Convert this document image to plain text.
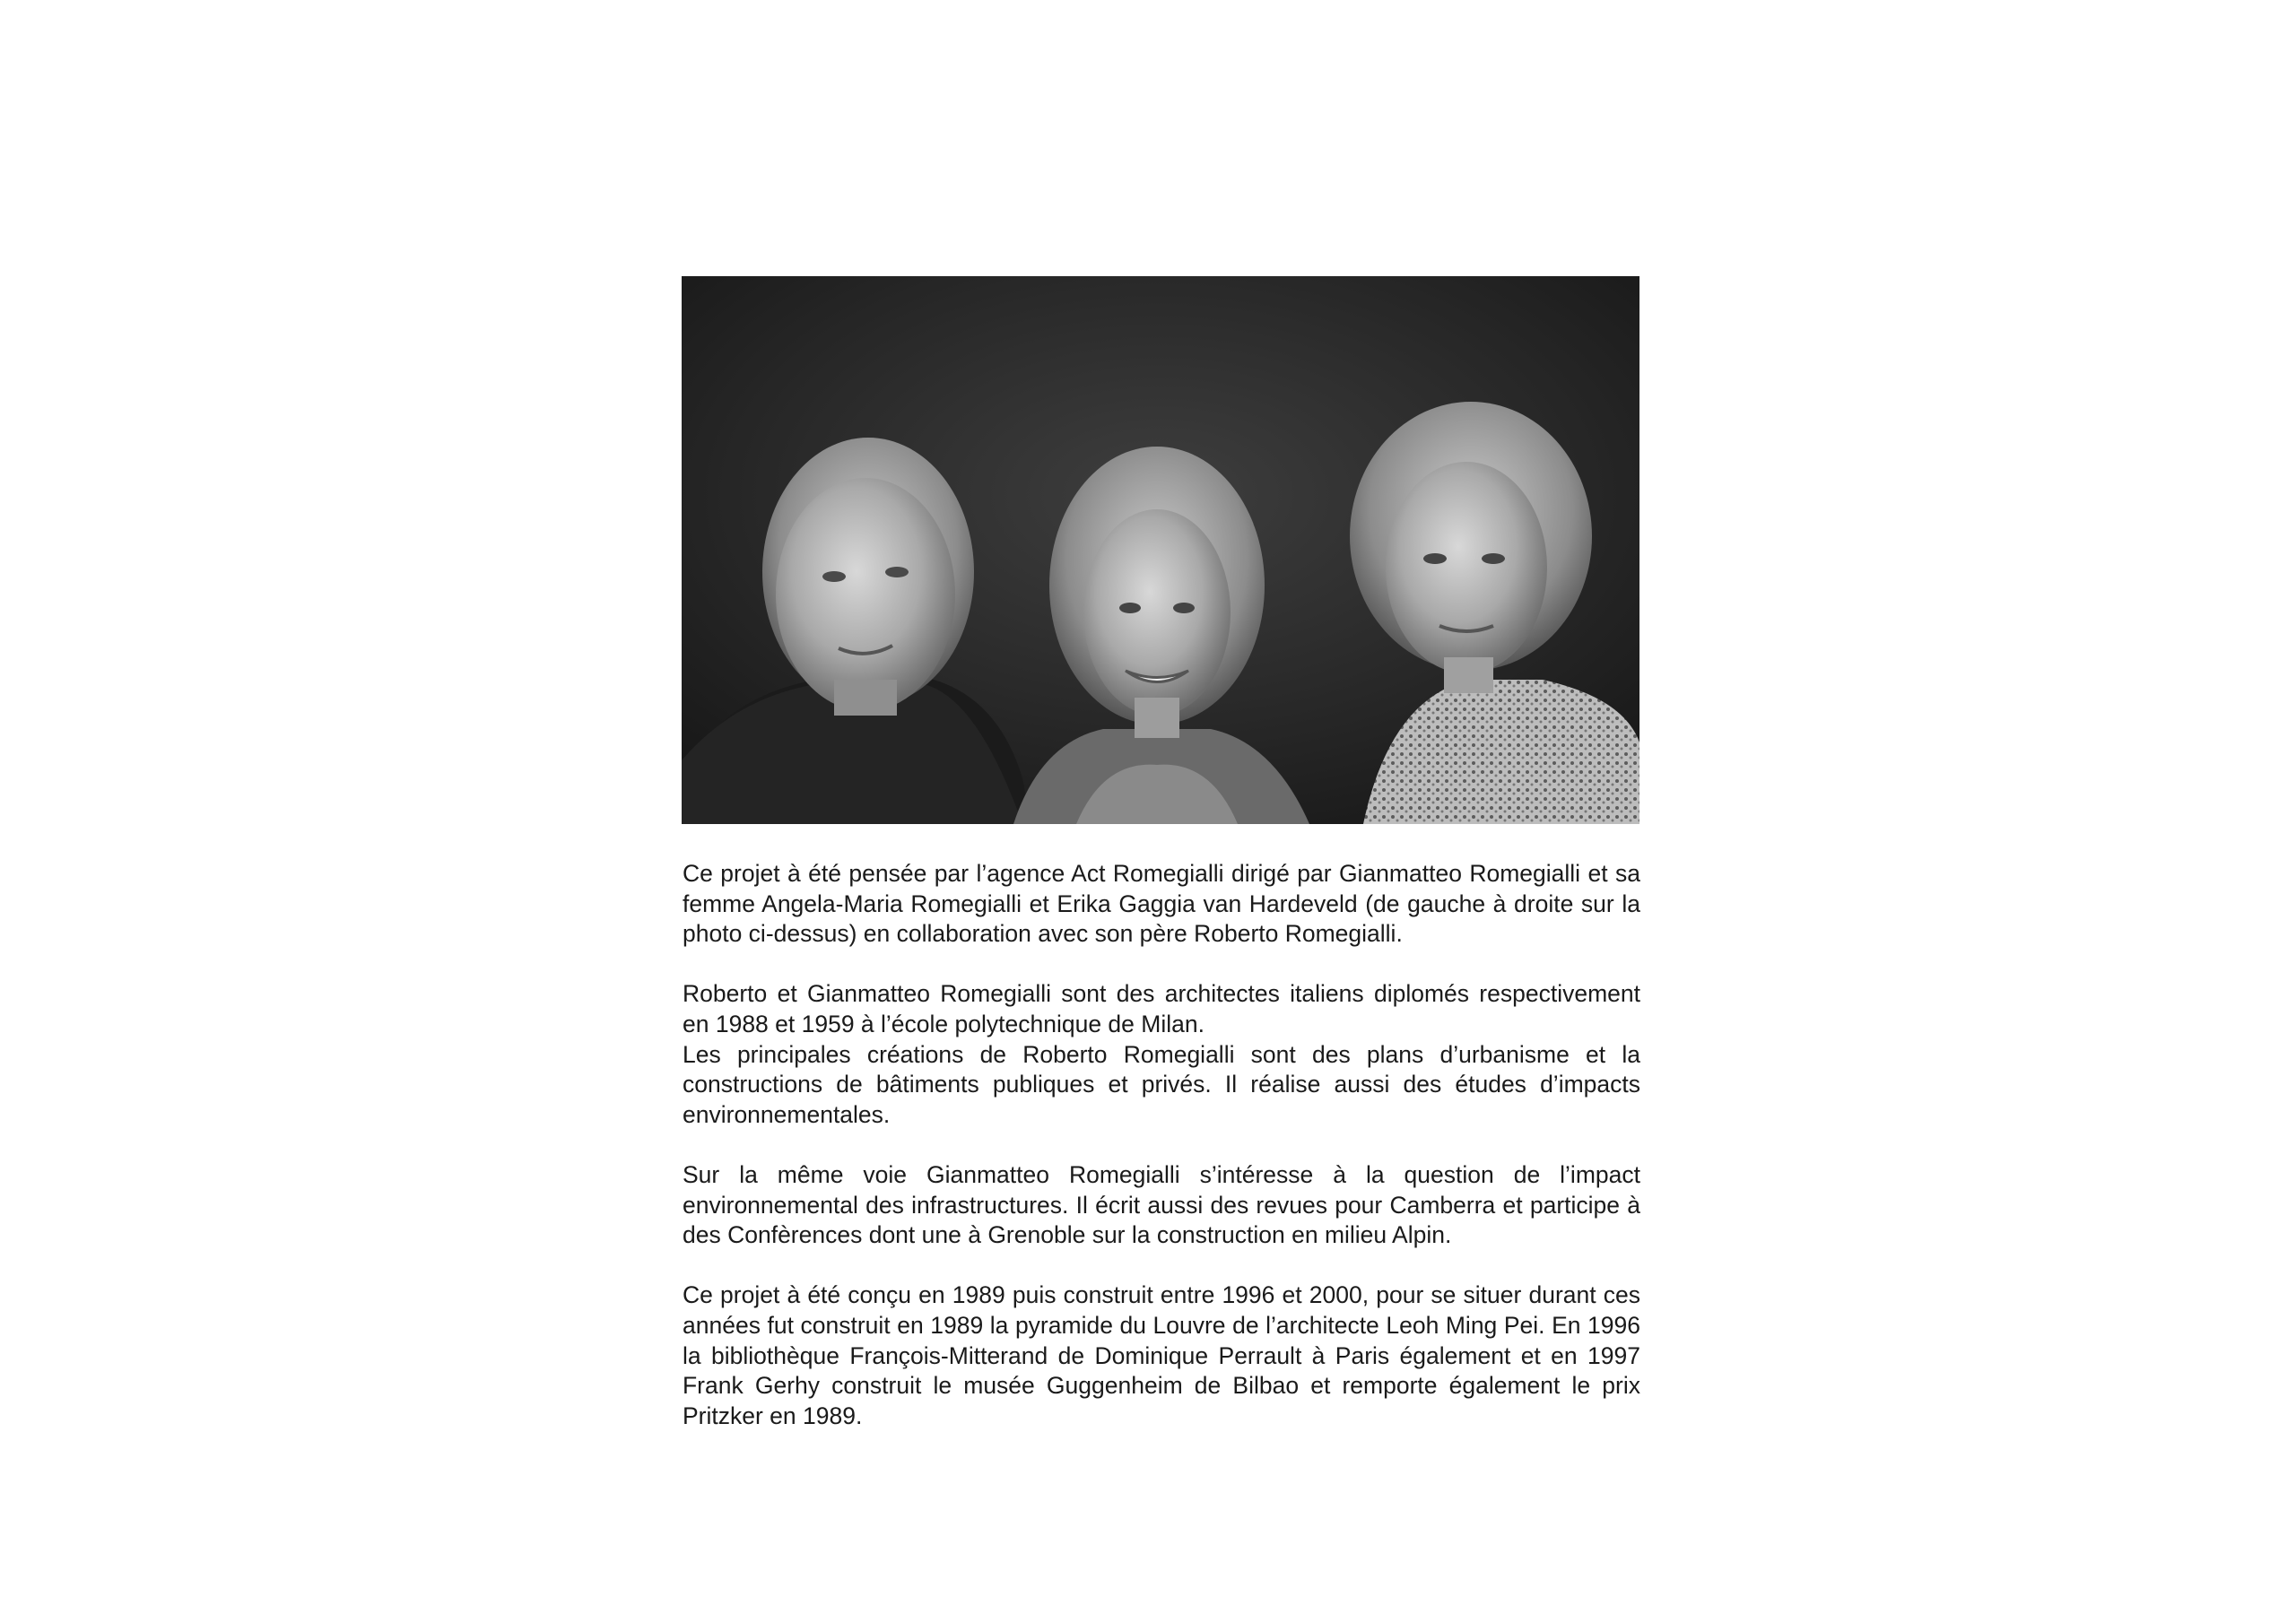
Ce projet à été pensée par l’agence Act Romegialli dirigé par Gianmatteo Romegialli et sa femme Angela-Maria Romegialli et Erika Gaggia van Hardeveld (de gauche à droite sur la photo ci-dessus) en collaboration avec son père Roberto Romegialli.

Roberto et Gianmatteo Romegialli sont des architectes italiens diplomés respectivement en 1988 et 1959 à l’école polytechnique de Milan.

Les principales créations de Roberto Romegialli sont des plans d’urbanisme et la constructions de bâtiments publiques et privés. Il réalise aussi des études d’impacts environnementales.

Sur la même voie Gianmatteo Romegialli s’intéresse à la question de l’impact environnemental des infrastructures. Il écrit aussi des revues pour Camberra et participe à des Confèrences dont une à Grenoble sur la construction en milieu Alpin.

Ce projet à été conçu en 1989 puis construit entre 1996 et 2000, pour se situer durant ces années fut construit en 1989 la pyramide du Louvre de l’architecte Leoh Ming Pei. En 1996 la bibliothèque François-Mitterand de Dominique Perrault à Paris également et en 1997 Frank Gerhy construit le musée Guggenheim de Bilbao et remporte également le prix Pritzker en 1989.
